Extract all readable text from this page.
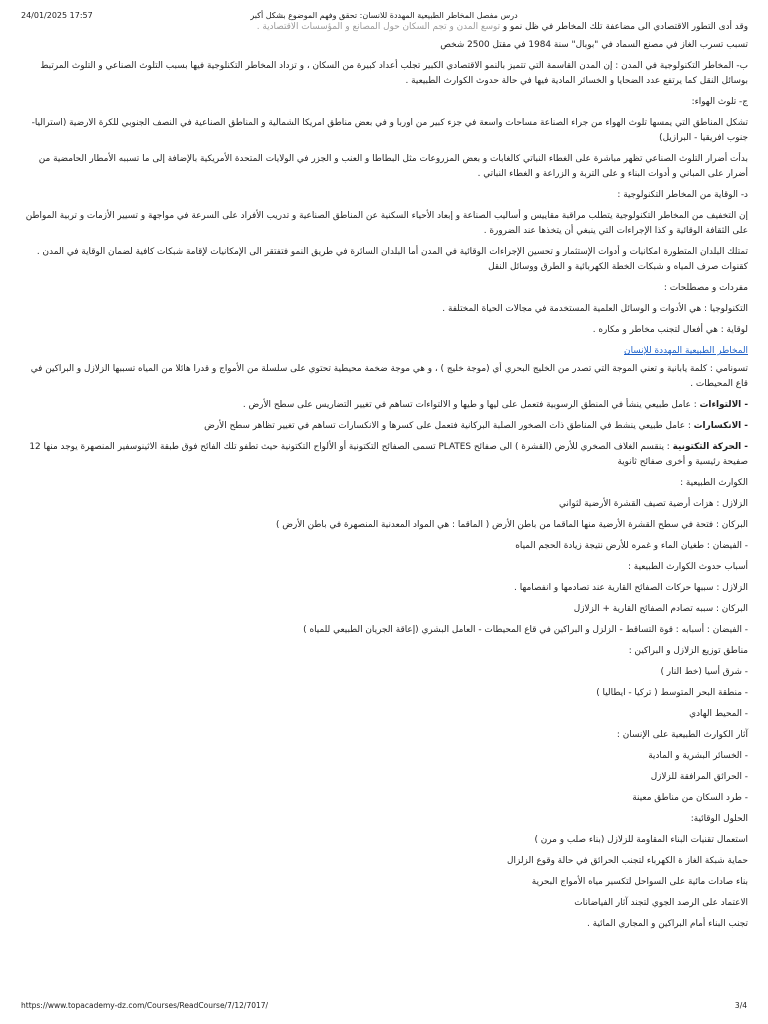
24/01/2025 17:57	درس مفصل المخاطر الطبيعية المهددة للانسان: تحقق وفهم الموضوع بشكل أكبر

وقد أدى التطور الاقتصادي الى مضاعفة تلك المخاطر في ظل نمو و توسع المدن و تجم السكان حول المصانع و المؤسسات الاقتصادية .

تسبب تسرب الغاز في مصنع السماد في "بوبال" سنة 1984 في مقتل 2500 شخص

ب- المخاطر التكنولوجية في المدن : إن المدن القاسمة التي تتميز بالنمو الاقتصادي الكبير تجلب أعداد كبيرة من السكان ، و تزداد المخاطر التكنلوجية فيها بسبب التلوث الصناعي و التلوث المرتبط بوسائل النقل كما يرتفع عدد الضحايا و الخسائر المادية فيها في حالة حدوث الكوارث الطبيعية .

ج- تلوث الهواء:

تشكل المناطق التي يمسها تلوث الهواء من جراء الصناعة مساحات واسعة في جزء كبير من اوربا و في بعض مناطق امريكا الشمالية و المناطق الصناعية في النصف الجنوبي للكرة الارضية (استراليا- جنوب افريقيا - البرازيل)

بدأت أضرار التلوث الصناعي تظهر مباشرة على الغطاء النباتي كالغابات و بعض المزروعات مثل البطاطا و العنب و الجزر في الولايات المتحدة الأمريكية بالإضافة إلى ما تسببه الأمطار الحامضية من أضرار على المباني و أدوات البناء و على التربة و الزراعة و الغطاء النباتي .

د- الوقاية من المخاطر التكنولوجية :

إن التخفيف من المخاطر التكنولوجية يتطلب مراقبة مقاييس و أساليب الصناعة و إبعاد الأحياء السكنية عن المناطق الصناعية و تدريب الأفراد على السرعة في مواجهة و تسيير الأزمات و تربية المواطن على الثقافة الوقائية و كذا الإجراءات التي ينبغي أن يتخذها عند الضرورة .

تمتلك البلدان المتطورة امكانيات و أدوات الإستثمار و تحسين الإجراءات الوقائية في المدن أما البلدان السائرة في طريق النمو فتفتقر الى الإمكانيات لإقامة شبكات كافية لضمان الوقاية في المدن . كقنوات صرف المياه و شبكات الخطة الكهربائية و الطرق ووسائل النقل

مفردات و مصطلحات :

التكنولوجيا : هي الأدوات و الوسائل العلمية المستخدمة في مجالات الحياة المختلفة .

لوقاية : هي أفعال لتجنب مخاطر و مكاره .

المخاطر الطبيعية المهددة للإنسان

تسونامي : كلمة يابانية و تعني الموجة التي تصدر من الخليج البحري أي (موجة خليج ) ، و هي موجة ضخمة محيطية تحتوي على سلسلة من الأمواج و قدرا هائلا من المياه تسببها الزلازل و البراكين في قاع المحيطات .

- الالتواءات : عامل طبيعي ينشأ في المنطق الرسوبية فتعمل على ليها و طيها و الالتواءات تساهم في تغيير التضاريس على سطح الأرض .

- الانكسارات : عامل طبيعي ينشط في المناطق ذات الصخور الصلبة البركانية فتعمل على كسرها و الانكسارات تساهم في تغيير تظاهر سطح الأرض

- الحركة التكتونية : ينقسم الغلاف الصخري للأرض (القشرة ) الى صفائح PLATES تسمى الصفائح التكتونية أو الألواح التكتونية حيث تطفو تلك الفائح فوق طبقة الاثينوسفير المنصهرة يوجد منها 12 صفيحة رئيسية و أخرى صفائح ثانوية

الكوارث الطبيعية :

الزلازل : هزات أرضية تصيف القشرة الأرضية لثواني

البركان : فتحة في سطح القشرة الأرضية منها الماقما من باطن الأرض ( الماقما : هي المواد المعدنية المنصهرة في باطن الأرض )

- الفيضان : طغيان الماء و غمره للأرض نتيجة زيادة الحجم المياه

أسباب حدوث الكوارث الطبيعية :

الزلازل : سببها حركات الصفائح القارية عند تصادمها و انفصامها .

البركان : سببه تصادم الصفائح القارية + الزلازل

- الفيضان : أسبابه : قوة التساقط - الزلزل و البراكين في قاع المحيطات - العامل البشري (إعاقة الجريان الطبيعي للمياه )

مناطق توزيع الزلازل و البراكين :

- شرق أسيا (خط النار )

- منطقة البحر المتوسط ( تركيا - ايطاليا )

- المحيط الهادي

آثار الكوارث الطبيعية على الإنسان :

- الخسائر البشرية و المادية

- الحرائق المرافقة للزلازل

- طرد السكان من مناطق معينة

الحلول الوقائية:

استعمال تقنيات البناء المقاومة للزلازل (بناء صلب و مرن )

حماية شبكة الغاز ة الكهرباء لتجنب الحرائق في حالة وقوع الزلزال

بناء صادات مائية على السواحل لتكسير مياه الأمواج البحرية

الاعتماد على الرصد الجوي لتجند آثار الفياضانات

تجنب البناء أمام البراكين و المجاري المائية .

https://www.topacademy-dz.com/Courses/ReadCourse/7/12/7017/	3/4
